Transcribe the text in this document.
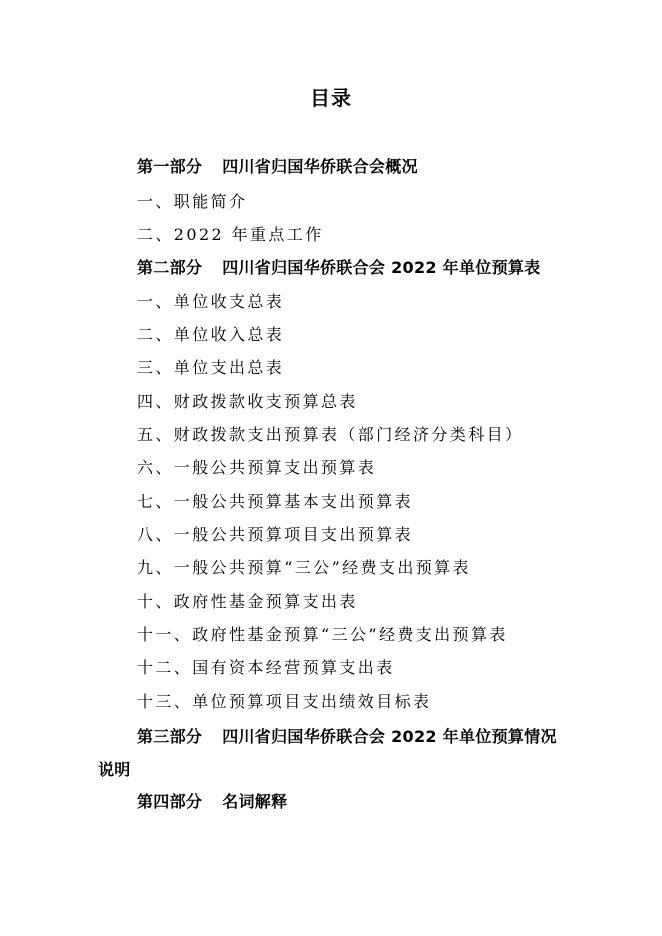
目录
第一部分 四川省归国华侨联合会概况
一、职能简介
二、2022 年重点工作
第二部分 四川省归国华侨联合会 2022 年单位预算表
一、单位收支总表
二、单位收入总表
三、单位支出总表
四、财政拨款收支预算总表
五、财政拨款支出预算表（部门经济分类科目）
六、一般公共预算支出预算表
七、一般公共预算基本支出预算表
八、一般公共预算项目支出预算表
九、一般公共预算“三公”经费支出预算表
十、政府性基金预算支出表
十一、政府性基金预算“三公”经费支出预算表
十二、国有资本经营预算支出表
十三、单位预算项目支出绩效目标表
第三部分 四川省归国华侨联合会 2022 年单位预算情况说明
第四部分 名词解释
